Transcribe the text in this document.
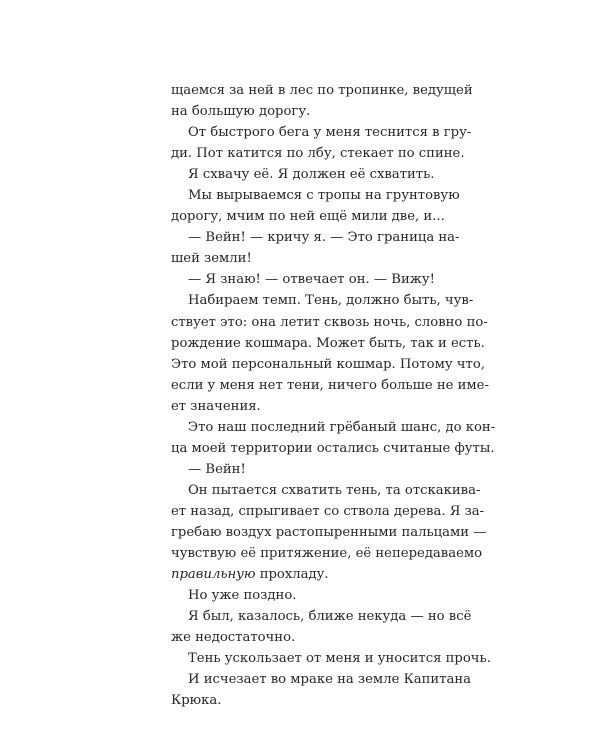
щаемся за ней в лес по тропинке, ведущей
на большую дорогу.
От быстрого бега у меня теснится в гру-
ди. Пот катится по лбу, стекает по спине.
Я схвачу её. Я должен её схватить.
Мы вырываемся с тропы на грунтовую
дорогу, мчим по ней ещё мили две, и...
— Вейн! — кричу я. — Это граница на-
шей земли!
— Я знаю! — отвечает он. — Вижу!
Набираем темп. Тень, должно быть, чув-
ствует это: она летит сквозь ночь, словно по-
рождение кошмара. Может быть, так и есть.
Это мой персональный кошмар. Потому что,
если у меня нет тени, ничего больше не име-
ет значения.
Это наш последний грёбаный шанс, до кон-
ца моей территории остались считаные футы.
— Вейн!
Он пытается схватить тень, та отскакива-
ет назад, спрыгивает со ствола дерева. Я за-
гребаю воздух растопыренными пальцами —
чувствую её притяжение, её непередаваемо
правильную прохладу.
Но уже поздно.
Я был, казалось, ближе некуда — но всё
же недостаточно.
Тень ускользает от меня и уносится прочь.
И исчезает во мраке на земле Капитана
Крюка.
